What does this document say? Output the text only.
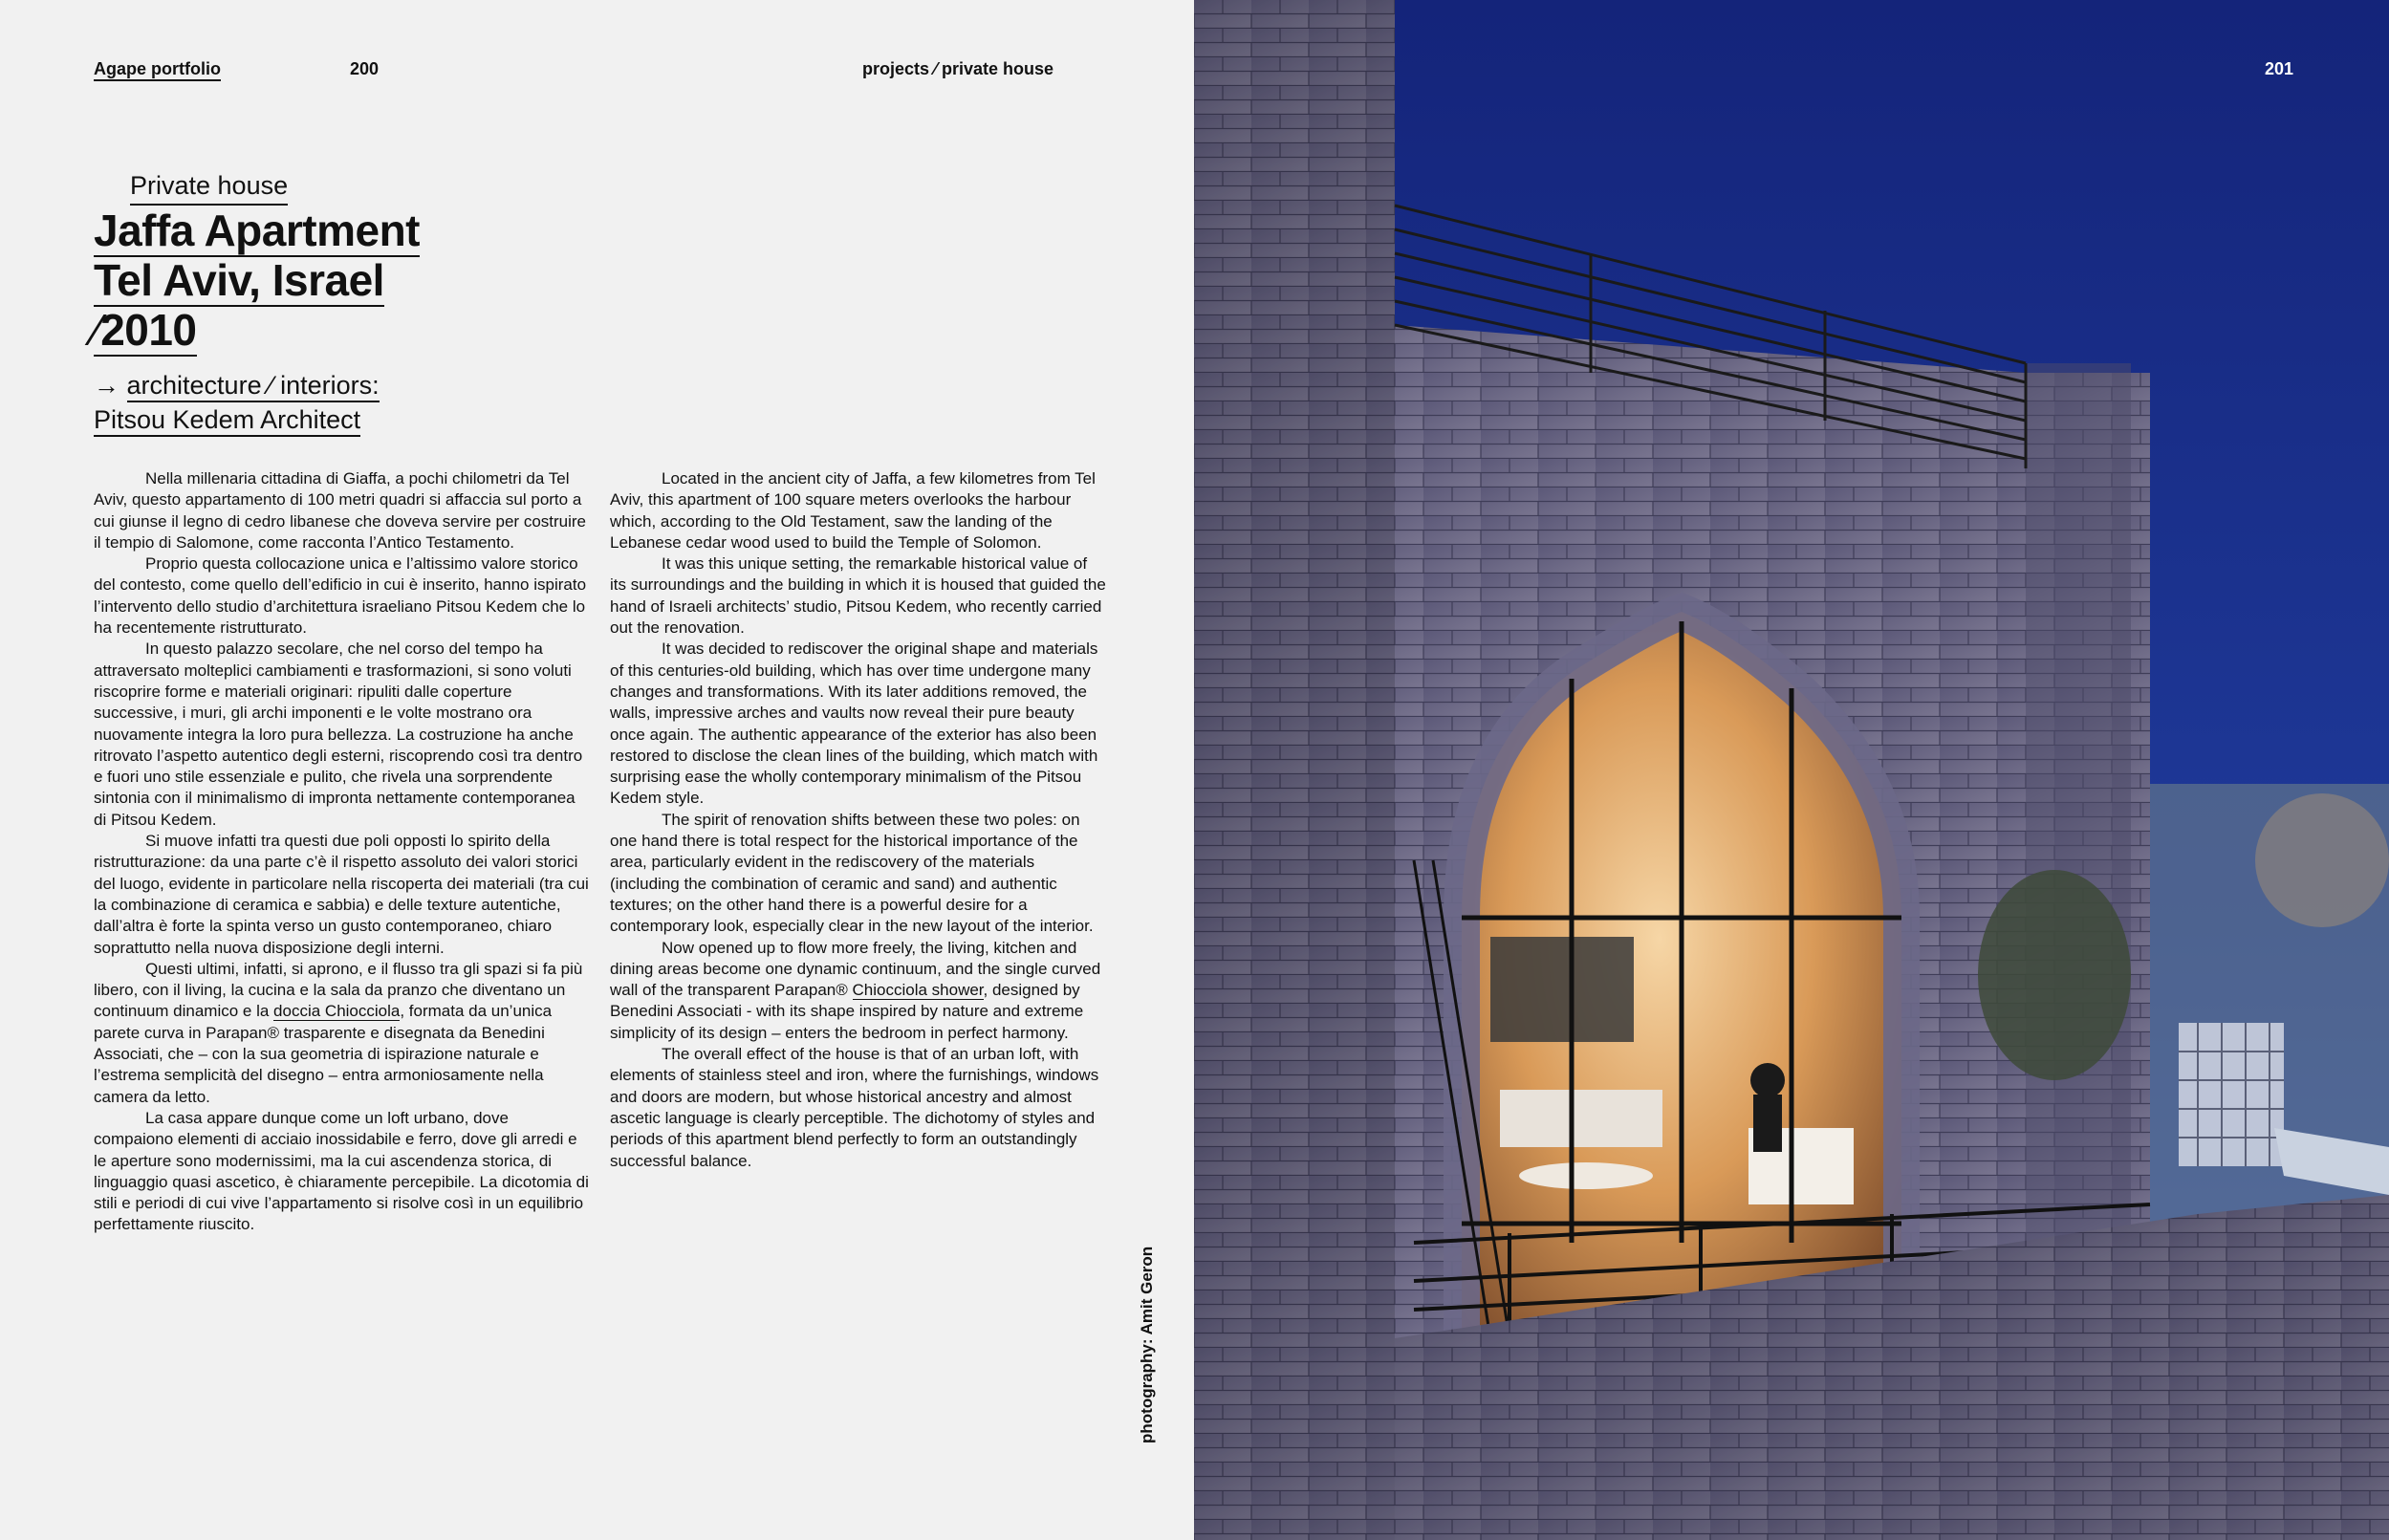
Agape portfolio	200	projects ⁄ private house
Private house
Jaffa Apartment
Tel Aviv, Israel
⁄2010
→ architecture ⁄ interiors:
Pitsou Kedem Architect

Nella millenaria cittadina di Giaffa, a pochi chilometri da Tel Aviv, questo appartamento di 100 metri quadri si affaccia sul porto a cui giunse il legno di cedro libanese che doveva servire per costruire il tempio di Salomone, come racconta l’Antico Testamento.

Proprio questa collocazione unica e l’altissimo valore storico del contesto, come quello dell’edificio in cui è inserito, hanno ispirato l’intervento dello studio d’architettura israeliano Pitsou Kedem che lo ha recentemente ristrutturato.

In questo palazzo secolare, che nel corso del tempo ha attraversato molteplici cambiamenti e trasformazioni, si sono voluti riscoprire forme e materiali originari: ripuliti dalle coperture successive, i muri, gli archi imponenti e le volte mostrano ora nuovamente integra la loro pura bellezza. La costruzione ha anche ritrovato l’aspetto autentico degli esterni, riscoprendo così tra dentro e fuori uno stile essenziale e pulito, che rivela una sorprendente sintonia con il minimalismo di impronta nettamente contemporanea di Pitsou Kedem.

Si muove infatti tra questi due poli opposti lo spirito della ristrutturazione: da una parte c’è il rispetto assoluto dei valori storici del luogo, evidente in particolare nella riscoperta dei materiali (tra cui la combinazione di ceramica e sabbia) e delle texture autentiche, dall’altra è forte la spinta verso un gusto contemporaneo, chiaro soprattutto nella nuova disposizione degli interni.

Questi ultimi, infatti, si aprono, e il flusso tra gli spazi si fa più libero, con il living, la cucina e la sala da pranzo che diventano un continuum dinamico e la doccia Chiocciola, formata da un’unica parete curva in Parapan® trasparente e disegnata da Benedini Associati, che – con la sua geometria di ispirazione naturale e l’estrema semplicità del disegno – entra armoniosamente nella camera da letto.

La casa appare dunque come un loft urbano, dove compaiono elementi di acciaio inossidabile e ferro, dove gli arredi e le aperture sono modernissimi, ma la cui ascendenza storica, di linguaggio quasi ascetico, è chiaramente percepibile. La dicotomia di stili e periodi di cui vive l’appartamento si risolve così in un equilibrio perfettamente riuscito.

Located in the ancient city of Jaffa, a few kilometres from Tel Aviv, this apartment of 100 square meters overlooks the harbour which, according to the Old Testament, saw the landing of the Lebanese cedar wood used to build the Temple of Solomon.

It was this unique setting, the remarkable historical value of its surroundings and the building in which it is housed that guided the hand of Israeli architects’ studio, Pitsou Kedem, who recently carried out the renovation.

It was decided to rediscover the original shape and materials of this centuries-old building, which has over time undergone many changes and transformations. With its later additions removed, the walls, impressive arches and vaults now reveal their pure beauty once again. The authentic appearance of the exterior has also been restored to disclose the clean lines of the building, which match with surprising ease the wholly contemporary minimalism of the Pitsou Kedem style.

The spirit of renovation shifts between these two poles: on one hand there is total respect for the historical importance of the area, particularly evident in the rediscovery of the materials (including the combination of ceramic and sand) and authentic textures; on the other hand there is a powerful desire for a contemporary look, especially clear in the new layout of the interior.

Now opened up to flow more freely, the living, kitchen and dining areas become one dynamic continuum, and the single curved wall of the transparent Parapan® Chiocciola shower, designed by Benedini Associati - with its shape inspired by nature and extreme simplicity of its design – enters the bedroom in perfect harmony.

The overall effect of the house is that of an urban loft, with elements of stainless steel and iron, where the furnishings, windows and doors are modern, but whose historical ancestry and almost ascetic language is clearly perceptible. The dichotomy of styles and periods of this apartment blend perfectly to form an outstandingly successful balance.

photography: Amit Geron
201
